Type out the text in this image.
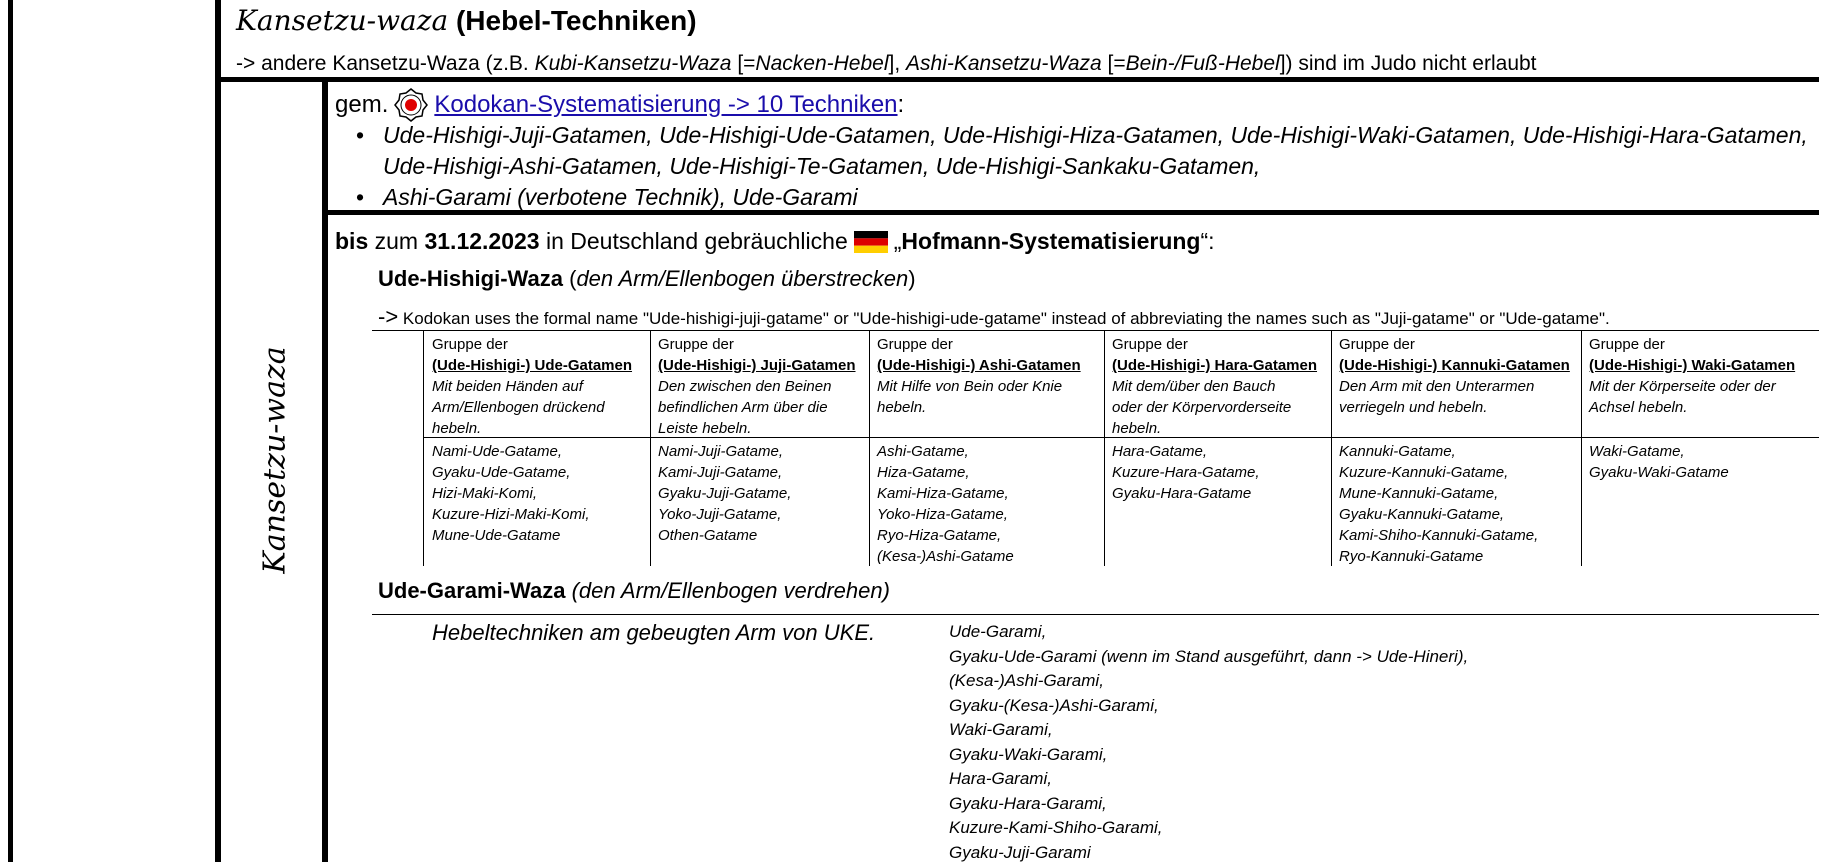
Kansetzu-waza (Hebel-Techniken)
-> andere Kansetzu-Waza (z.B. Kubi-Kansetzu-Waza [=Nacken-Hebel], Ashi-Kansetzu-Waza [=Bein-/Fuß-Hebel]) sind im Judo nicht erlaubt
Kansetzu-waza
gem. Kodokan-Systematisierung -> 10 Techniken :
• Ude-Hishigi-Juji-Gatamen, Ude-Hishigi-Ude-Gatamen, Ude-Hishigi-Hiza-Gatamen, Ude-Hishigi-Waki-Gatamen, Ude-Hishigi-Hara-Gatamen,
Ude-Hishigi-Ashi-Gatamen, Ude-Hishigi-Te-Gatamen, Ude-Hishigi-Sankaku-Gatamen,
• Ashi-Garami (verbotene Technik), Ude-Garami
bis zum 31.12.2023 in Deutschland gebräuchliche „ Hofmann-Systematisierung “:
Ude-Hishigi-Waza (den Arm/Ellenbogen überstrecken)
-> Kodokan uses the formal name "Ude-hishigi-juji-gatame" or "Ude-hishigi-ude-gatame" instead of abbreviating the names such as "Juji-gatame" or "Ude-gatame".
Gruppe der
(Ude-Hishigi-) Ude-Gatamen
Mit beiden Händen auf
Arm/Ellenbogen drückend
hebeln.
Gruppe der
(Ude-Hishigi-) Juji-Gatamen
Den zwischen den Beinen
befindlichen Arm über die
Leiste hebeln.
Gruppe der
(Ude-Hishigi-) Ashi-Gatamen
Mit Hilfe von Bein oder Knie
hebeln.
Gruppe der
(Ude-Hishigi-) Hara-Gatamen
Mit dem/über den Bauch
oder der Körpervorderseite
hebeln.
Gruppe der
(Ude-Hishigi-) Kannuki-Gatamen
Den Arm mit den Unterarmen
verriegeln und hebeln.
Gruppe der
(Ude-Hishigi-) Waki-Gatamen
Mit der Körperseite oder der
Achsel hebeln.
Nami-Ude-Gatame,
Gyaku-Ude-Gatame,
Hizi-Maki-Komi,
Kuzure-Hizi-Maki-Komi,
Mune-Ude-Gatame
Nami-Juji-Gatame,
Kami-Juji-Gatame,
Gyaku-Juji-Gatame,
Yoko-Juji-Gatame,
Othen-Gatame
Ashi-Gatame,
Hiza-Gatame,
Kami-Hiza-Gatame,
Yoko-Hiza-Gatame,
Ryo-Hiza-Gatame,
(Kesa-)Ashi-Gatame
Hara-Gatame,
Kuzure-Hara-Gatame,
Gyaku-Hara-Gatame
Kannuki-Gatame,
Kuzure-Kannuki-Gatame,
Mune-Kannuki-Gatame,
Gyaku-Kannuki-Gatame,
Kami-Shiho-Kannuki-Gatame,
Ryo-Kannuki-Gatame
Waki-Gatame,
Gyaku-Waki-Gatame
Ude-Garami-Waza (den Arm/Ellenbogen verdrehen)
Hebeltechniken am gebeugten Arm von UKE.	Ude-Garami,
Gyaku-Ude-Garami (wenn im Stand ausgeführt, dann -> Ude-Hineri),
(Kesa-)Ashi-Garami,
Gyaku-(Kesa-)Ashi-Garami,
Waki-Garami,
Gyaku-Waki-Garami,
Hara-Garami,
Gyaku-Hara-Garami,
Kuzure-Kami-Shiho-Garami,
Gyaku-Juji-Garami
